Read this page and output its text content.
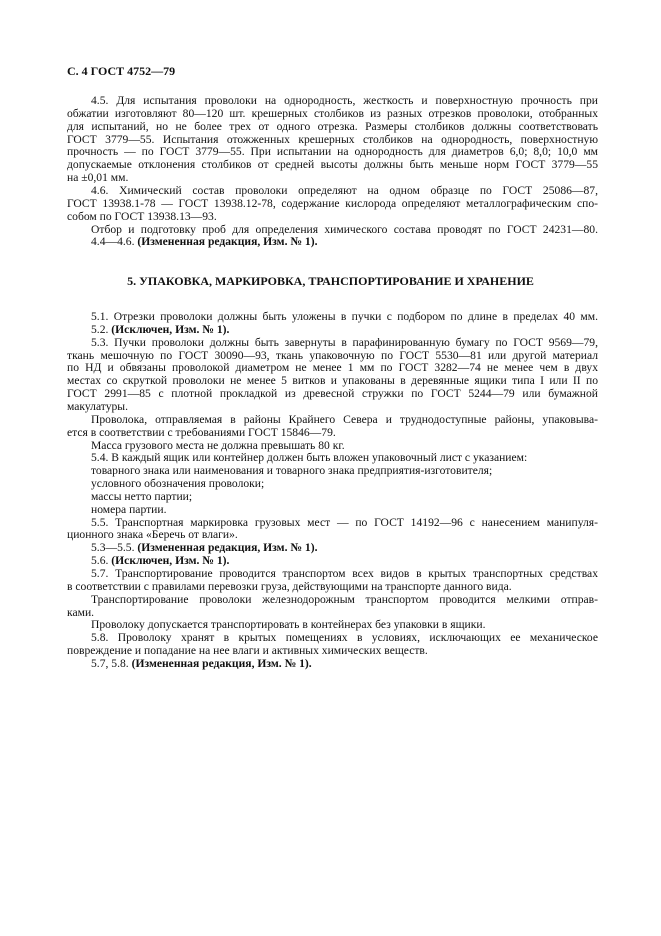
С. 4 ГОСТ 4752—79
5. УПАКОВКА, МАРКИРОВКА, ТРАНСПОРТИРОВАНИЕ И ХРАНЕНИЕ
4.5. Для испытания проволоки на однородность, жесткость и поверхностную прочность при
обжатии изготовляют 80—120 шт. крешерных столбиков из разных отрезков проволоки, отобранных
для испытаний, но не более трех от одного отрезка. Размеры столбиков должны соответствовать
ГОСТ 3779—55. Испытания отожженных крешерных столбиков на однородность, поверхностную
прочность — по ГОСТ 3779—55. При испытании на однородность для диаметров 6,0; 8,0; 10,0 мм
допускаемые отклонения столбиков от средней высоты должны быть меньше норм ГОСТ 3779—55
на ±0,01 мм.
4.6. Химический состав проволоки определяют на одном образце по ГОСТ 25086—87,
ГОСТ 13938.1-78 — ГОСТ 13938.12-78, содержание кислорода определяют металлографическим спо-
собом по ГОСТ 13938.13—93.
Отбор и подготовку проб для определения химического состава проводят по ГОСТ 24231—80.
4.4—4.6. (Измененная редакция, Изм. № 1).
5.1. Отрезки проволоки должны быть уложены в пучки с подбором по длине в пределах 40 мм.
5.2. (Исключен, Изм. № 1).
5.3. Пучки проволоки должны быть завернуты в парафинированную бумагу по ГОСТ 9569—79,
ткань мешочную по ГОСТ 30090—93, ткань упаковочную по ГОСТ 5530—81 или другой материал
по НД и обвязаны проволокой диаметром не менее 1 мм по ГОСТ 3282—74 не менее чем в двух
местах со скруткой проволоки не менее 5 витков и упакованы в деревянные ящики типа I или II по
ГОСТ 2991—85 с плотной прокладкой из древесной стружки по ГОСТ 5244—79 или бумажной
макулатуры.
Проволока, отправляемая в районы Крайнего Севера и труднодоступные районы, упаковыва-
ется в соответствии с требованиями ГОСТ 15846—79.
Масса грузового места не должна превышать 80 кг.
5.4. В каждый ящик или контейнер должен быть вложен упаковочный лист с указанием:
товарного знака или наименования и товарного знака предприятия-изготовителя;
условного обозначения проволоки;
массы нетто партии;
номера партии.
5.5. Транспортная маркировка грузовых мест — по ГОСТ 14192—96 с нанесением манипуля-
ционного знака «Беречь от влаги».
5.3—5.5. (Измененная редакция, Изм. № 1).
5.6. (Исключен, Изм. № 1).
5.7. Транспортирование проводится транспортом всех видов в крытых транспортных средствах
в соответствии с правилами перевозки груза, действующими на транспорте данного вида.
Транспортирование проволоки железнодорожным транспортом проводится мелкими отправ-
ками.
Проволоку допускается транспортировать в контейнерах без упаковки в ящики.
5.8. Проволоку хранят в крытых помещениях в условиях, исключающих ее механическое
повреждение и попадание на нее влаги и активных химических веществ.
5.7, 5.8. (Измененная редакция, Изм. № 1).
